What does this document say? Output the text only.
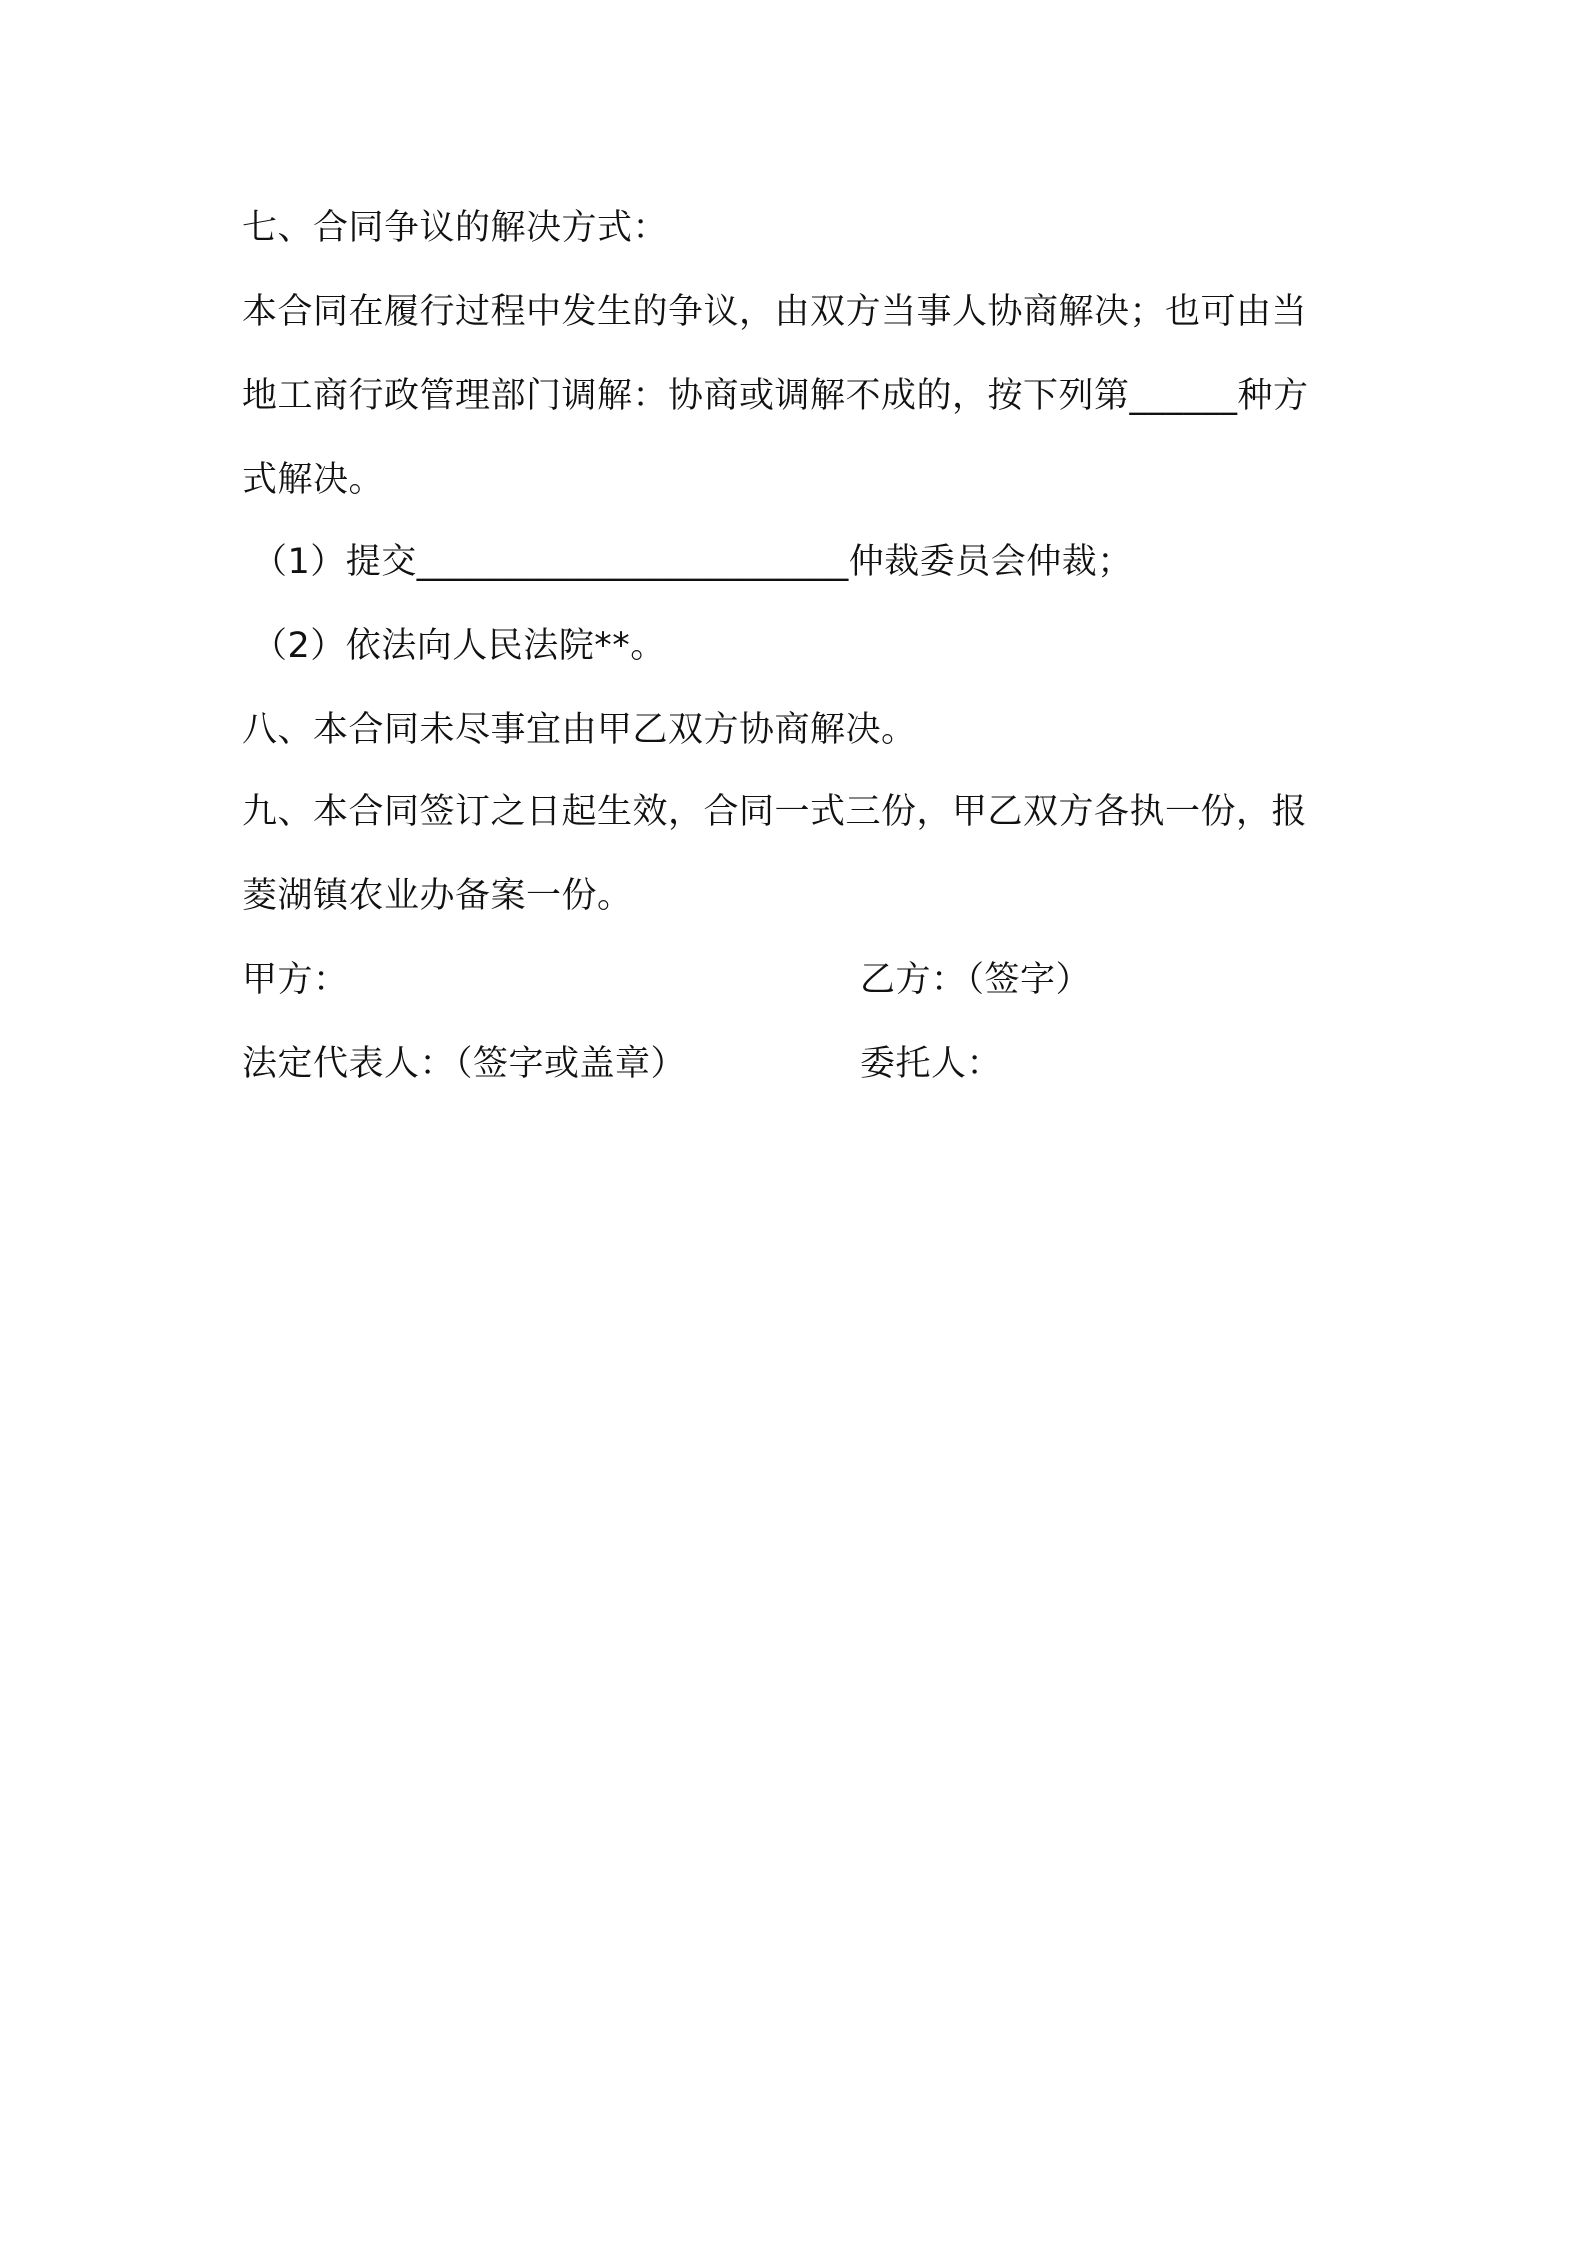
七、合同争议的解决方式：
本合同在履行过程中发生的争议，由双方当事人协商解决；也可由当
地工商行政管理部门调解：协商或调解不成的，按下列第______种方
式解决。
（1）提交________________________仲裁委员会仲裁；
（2）依法向人民法院**。
八、本合同未尽事宜由甲乙双方协商解决。
九、本合同签订之日起生效，合同一式三份，甲乙双方各执一份，报
菱湖镇农业办备案一份。
甲方：	乙方：（签字）
法定代表人：（签字或盖章）	委托人：
